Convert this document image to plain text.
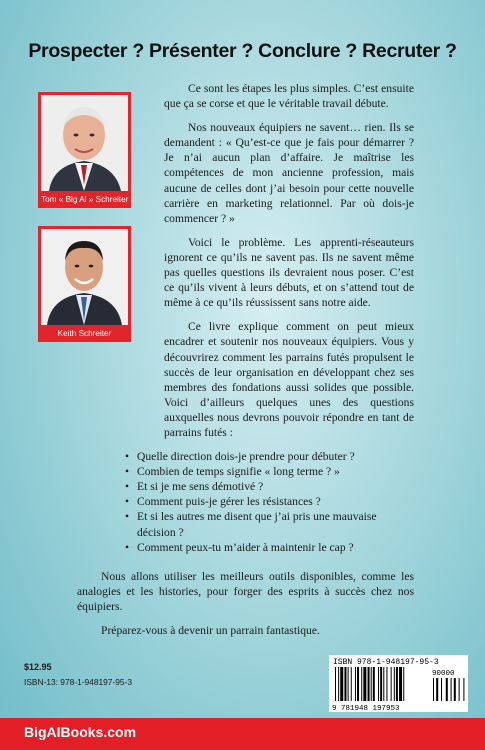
Prospecter ? Présenter ? Conclure ? Recruter ?
Tom « Big Al » Schreiter
Keith Schreiter

Ce sont les étapes les plus simples. C’est ensuite que ça se corse et que le véritable travail débute.

Nos nouveaux équipiers ne savent… rien. Ils se demandent : « Qu’est-ce que je fais pour démarrer ? Je n’ai aucun plan d’affaire. Je maîtrise les compétences de mon ancienne profession, mais aucune de celles dont j’ai besoin pour cette nouvelle carrière en marketing relationnel. Par où dois-je commencer ? »

Voici le problème. Les apprenti-réseauteurs ignorent ce qu’ils ne savent pas. Ils ne savent même pas quelles questions ils devraient nous poser. C’est ce qu’ils vivent à leurs débuts, et on s’attend tout de même à ce qu’ils réussissent sans notre aide.

Ce livre explique comment on peut mieux encadrer et soutenir nos nouveaux équipiers. Vous y découvrirez comment les parrains futés propulsent le succès de leur organisation en développant chez ses membres des fondations aussi solides que possible. Voici d’ailleurs quelques unes des questions auxquelles nous devrons pouvoir répondre en tant de parrains futés :

• Quelle direction dois-je prendre pour débuter ?
• Combien de temps signifie « long terme ? »
• Et si je me sens démotivé ?
• Comment puis-je gérer les résistances ?
• Et si les autres me disent que j’ai pris une mauvaise décision ?
• Comment peux-tu m’aider à maintenir le cap ?

Nous allons utiliser les meilleurs outils disponibles, comme les analogies et les histories, pour forger des esprits à succès chez nos équipiers.

Préparez-vous à devenir un parrain fantastique.

$12.95
ISBN-13: 978-1-948197-95-3
ISBN 978-1-948197-95-3
90000
9 781948 197953
BigAlBooks.com
